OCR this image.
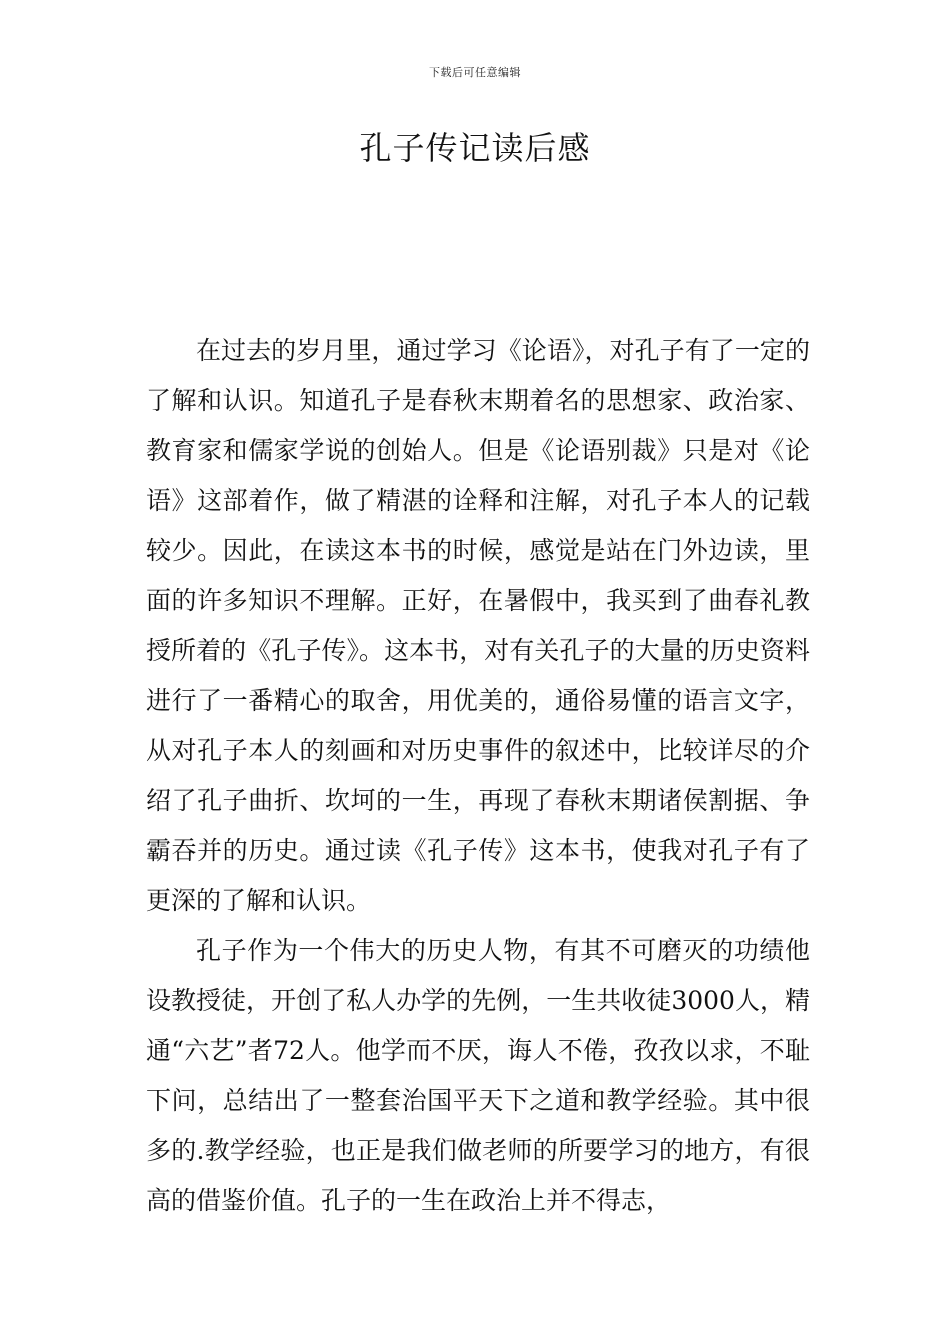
下载后可任意编辑
孔子传记读后感

在过去的岁月里，通过学习《论语》，对孔子有了一定的了解和认识。知道孔子是春秋末期着名的思想家、政治家、教育家和儒家学说的创始人。但是《论语别裁》只是对《论语》这部着作，做了精湛的诠释和注解，对孔子本人的记载较少。因此，在读这本书的时候，感觉是站在门外边读，里面的许多知识不理解。正好，在暑假中，我买到了曲春礼教授所着的《孔子传》。这本书，对有关孔子的大量的历史资料进行了一番精心的取舍，用优美的，通俗易懂的语言文字，从对孔子本人的刻画和对历史事件的叙述中，比较详尽的介绍了孔子曲折、坎坷的一生，再现了春秋末期诸侯割据、争霸吞并的历史。通过读《孔子传》这本书，使我对孔子有了更深的了解和认识。

孔子作为一个伟大的历史人物，有其不可磨灭的功绩他设教授徒，开创了私人办学的先例，一生共收徒3000人，精通“六艺”者72人。他学而不厌，诲人不倦，孜孜以求，不耻下问，总结出了一整套治国平天下之道和教学经验。其中很多的.教学经验，也正是我们做老师的所要学习的地方，有很高的借鉴价值。孔子的一生在政治上并不得志，
